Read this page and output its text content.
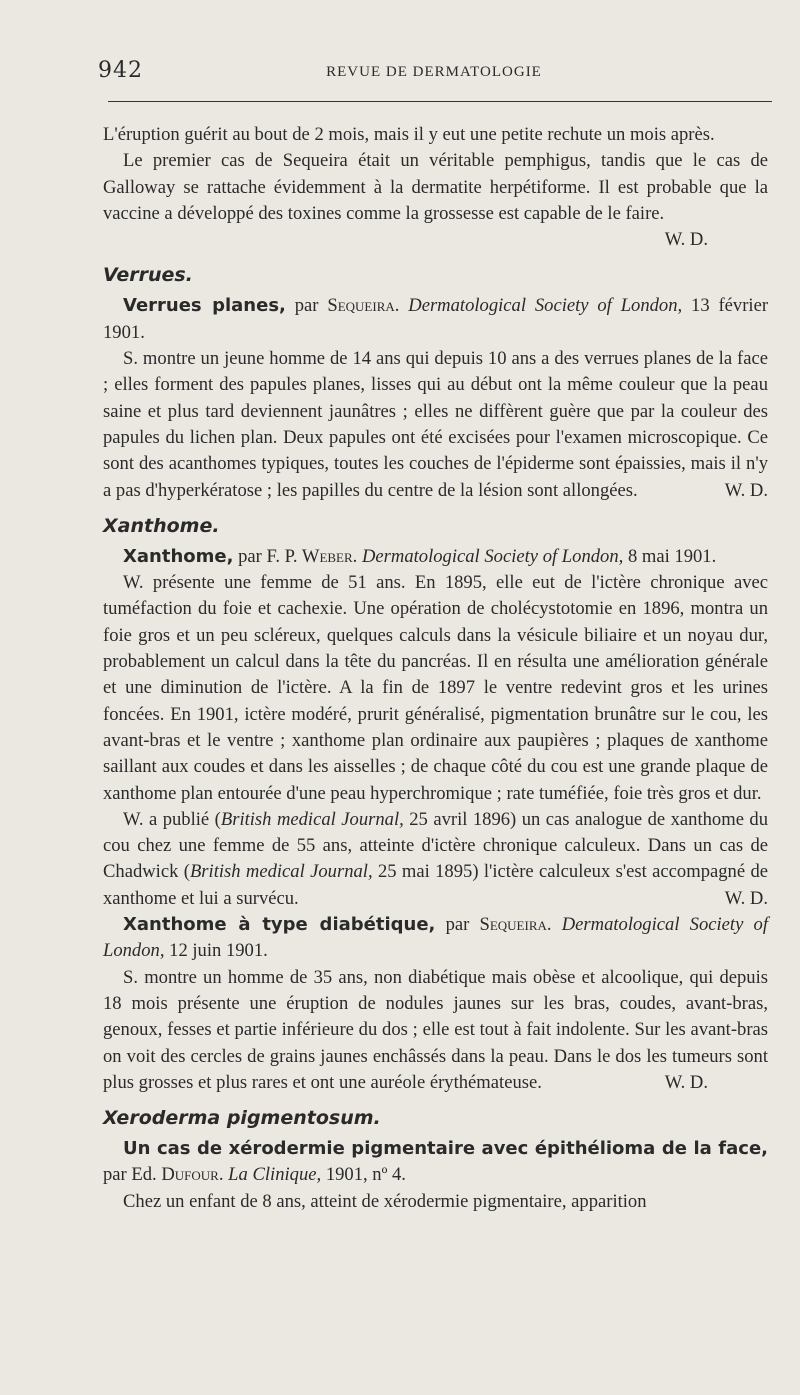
942	REVUE DE DERMATOLOGIE

L'éruption guérit au bout de 2 mois, mais il y eut une petite rechute un mois après.

Le premier cas de Sequeira était un véritable pemphigus, tandis que le cas de Galloway se rattache évidemment à la dermatite herpétiforme. Il est probable que la vaccine a développé des toxines comme la grossesse est capable de le faire.
W. D.

Verrues.

Verrues planes, par Sequeira. Dermatological Society of London, 13 février 1901.

S. montre un jeune homme de 14 ans qui depuis 10 ans a des verrues planes de la face ; elles forment des papules planes, lisses qui au début ont la même couleur que la peau saine et plus tard deviennent jaunâtres ; elles ne diffèrent guère que par la couleur des papules du lichen plan. Deux papules ont été excisées pour l'examen microscopique. Ce sont des acanthomes typiques, toutes les couches de l'épiderme sont épaissies, mais il n'y a pas d'hyperkératose ; les papilles du centre de la lésion sont allongées.	W. D.

Xanthome.

Xanthome, par F. P. Weber. Dermatological Society of London, 8 mai 1901.

W. présente une femme de 51 ans. En 1895, elle eut de l'ictère chronique avec tuméfaction du foie et cachexie. Une opération de cholécystotomie en 1896, montra un foie gros et un peu scléreux, quelques calculs dans la vésicule biliaire et un noyau dur, probablement un calcul dans la tête du pancréas. Il en résulta une amélioration générale et une diminution de l'ictère. A la fin de 1897 le ventre redevint gros et les urines foncées. En 1901, ictère modéré, prurit généralisé, pigmentation brunâtre sur le cou, les avant-bras et le ventre ; xanthome plan ordinaire aux paupières ; plaques de xanthome saillant aux coudes et dans les aisselles ; de chaque côté du cou est une grande plaque de xanthome plan entourée d'une peau hyperchromique ; rate tuméfiée, foie très gros et dur.

W. a publié (British medical Journal, 25 avril 1896) un cas analogue de xanthome du cou chez une femme de 55 ans, atteinte d'ictère chronique calculeux. Dans un cas de Chadwick (British medical Journal, 25 mai 1895) l'ictère calculeux s'est accompagné de xanthome et lui a survécu.	W. D.

Xanthome à type diabétique, par Sequeira. Dermatological Society of London, 12 juin 1901.

S. montre un homme de 35 ans, non diabétique mais obèse et alcoolique, qui depuis 18 mois présente une éruption de nodules jaunes sur les bras, coudes, avant-bras, genoux, fesses et partie inférieure du dos ; elle est tout à fait indolente. Sur les avant-bras on voit des cercles de grains jaunes enchâssés dans la peau. Dans le dos les tumeurs sont plus grosses et plus rares et ont une auréole érythémateuse.	W. D.

Xeroderma pigmentosum.

Un cas de xérodermie pigmentaire avec épithélioma de la face, par Ed. Dufour. La Clinique, 1901, nº 4.

Chez un enfant de 8 ans, atteint de xérodermie pigmentaire, apparition
